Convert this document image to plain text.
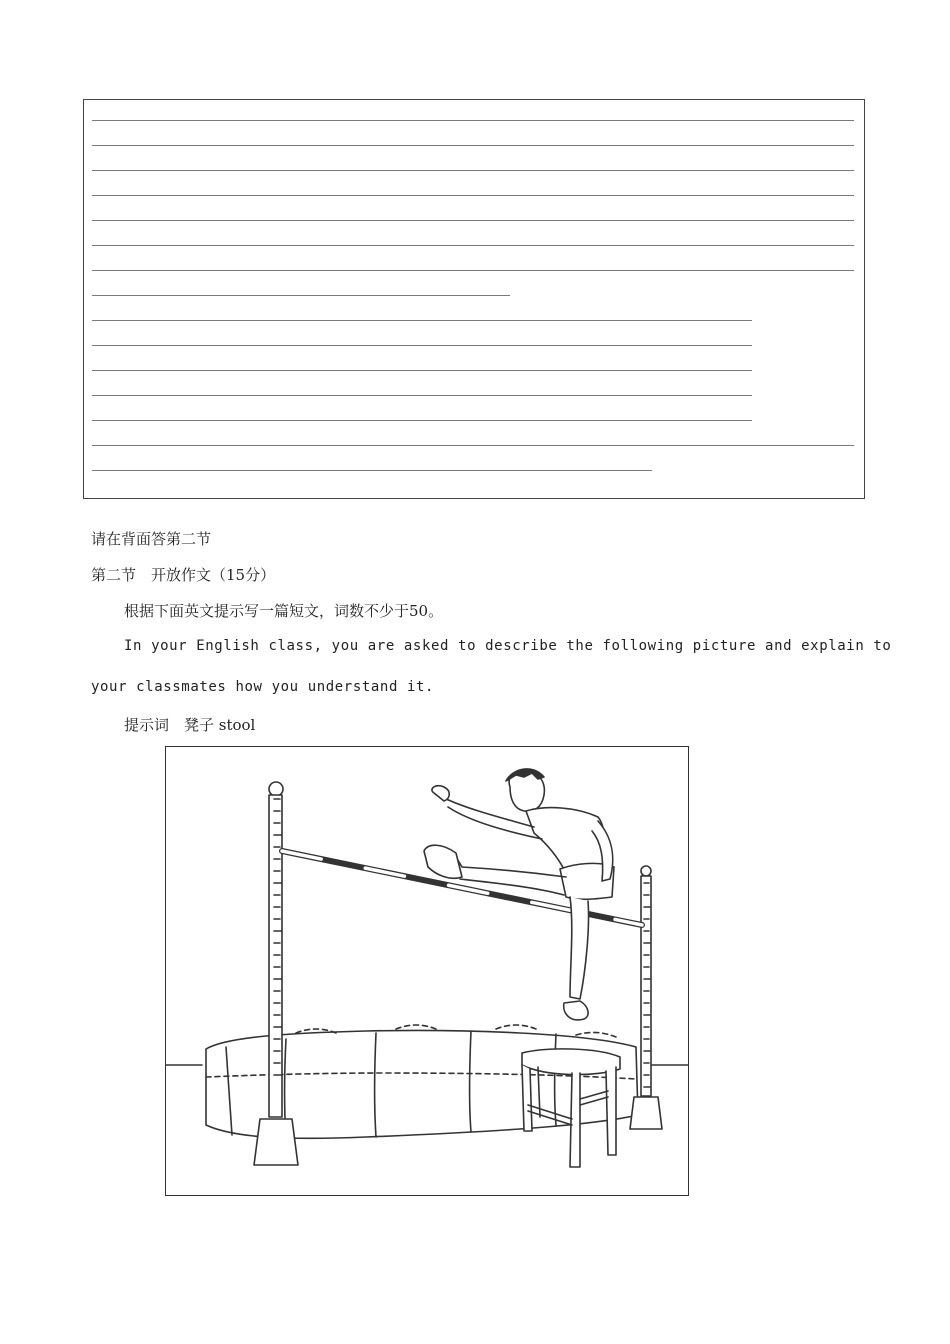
请在背面答第二节
第二节　开放作文（15分）
根据下面英文提示写一篇短文，词数不少于50。
In your English class, you are asked to describe the following picture and explain to
your classmates how you understand it.
提示词　凳子 stool
